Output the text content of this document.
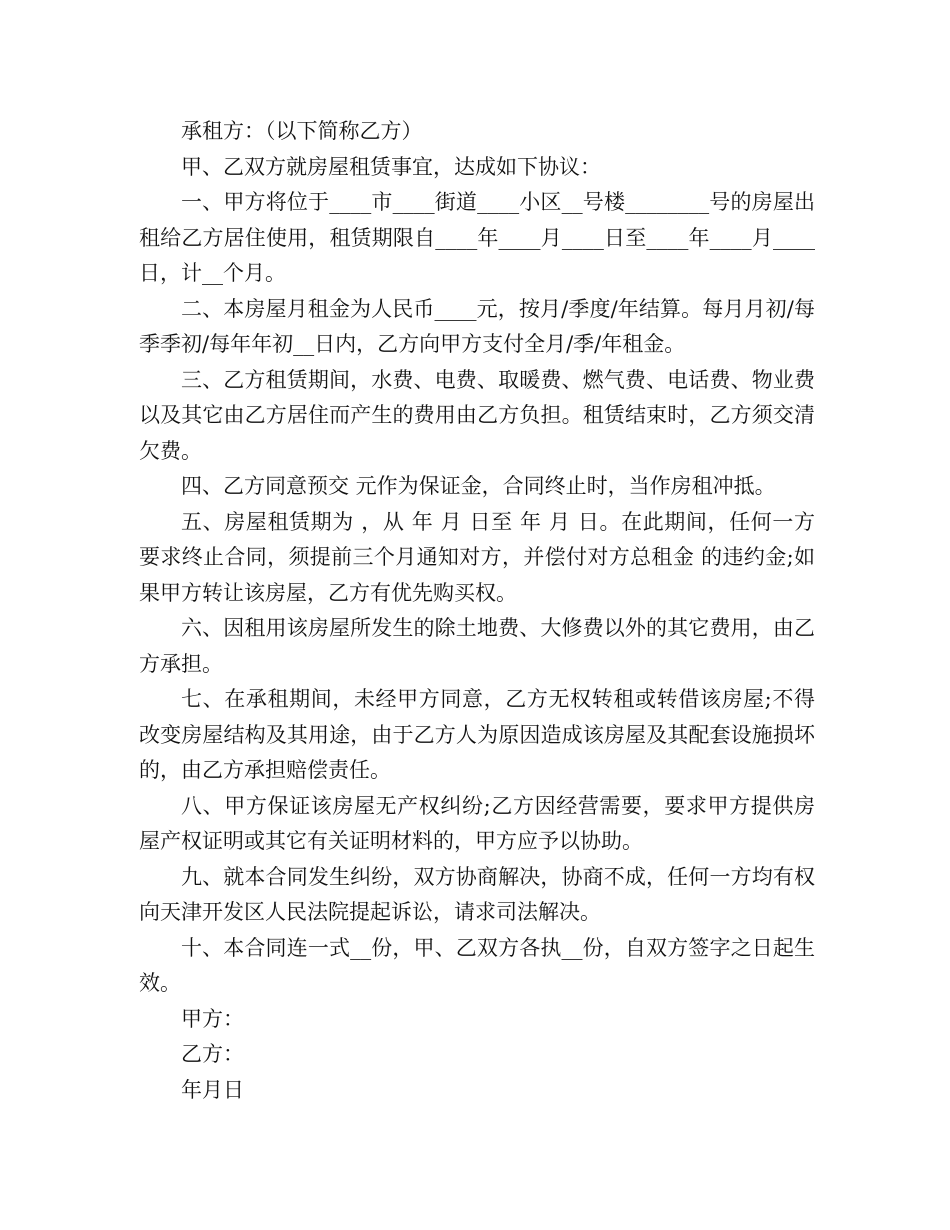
承租方：（以下简称乙方）

甲、乙双方就房屋租赁事宜，达成如下协议：

一、甲方将位于____市____街道____小区__号楼________号的房屋出租给乙方居住使用，租赁期限自____年____月____日至____年____月____日，计__个月。

二、本房屋月租金为人民币____元，按月/季度/年结算。每月月初/每季季初/每年年初__日内，乙方向甲方支付全月/季/年租金。

三、乙方租赁期间，水费、电费、取暖费、燃气费、电话费、物业费以及其它由乙方居住而产生的费用由乙方负担。租赁结束时，乙方须交清欠费。

四、乙方同意预交 元作为保证金，合同终止时，当作房租冲抵。

五、房屋租赁期为 ，从 年 月 日至 年 月 日。在此期间，任何一方要求终止合同，须提前三个月通知对方，并偿付对方总租金 的违约金;如果甲方转让该房屋，乙方有优先购买权。

六、因租用该房屋所发生的除土地费、大修费以外的其它费用，由乙方承担。

七、在承租期间，未经甲方同意，乙方无权转租或转借该房屋;不得改变房屋结构及其用途，由于乙方人为原因造成该房屋及其配套设施损坏的，由乙方承担赔偿责任。

八、甲方保证该房屋无产权纠纷;乙方因经营需要，要求甲方提供房屋产权证明或其它有关证明材料的，甲方应予以协助。

九、就本合同发生纠纷，双方协商解决，协商不成，任何一方均有权向天津开发区人民法院提起诉讼，请求司法解决。

十、本合同连一式__份，甲、乙双方各执__份，自双方签字之日起生效。

甲方：

乙方：

年月日
